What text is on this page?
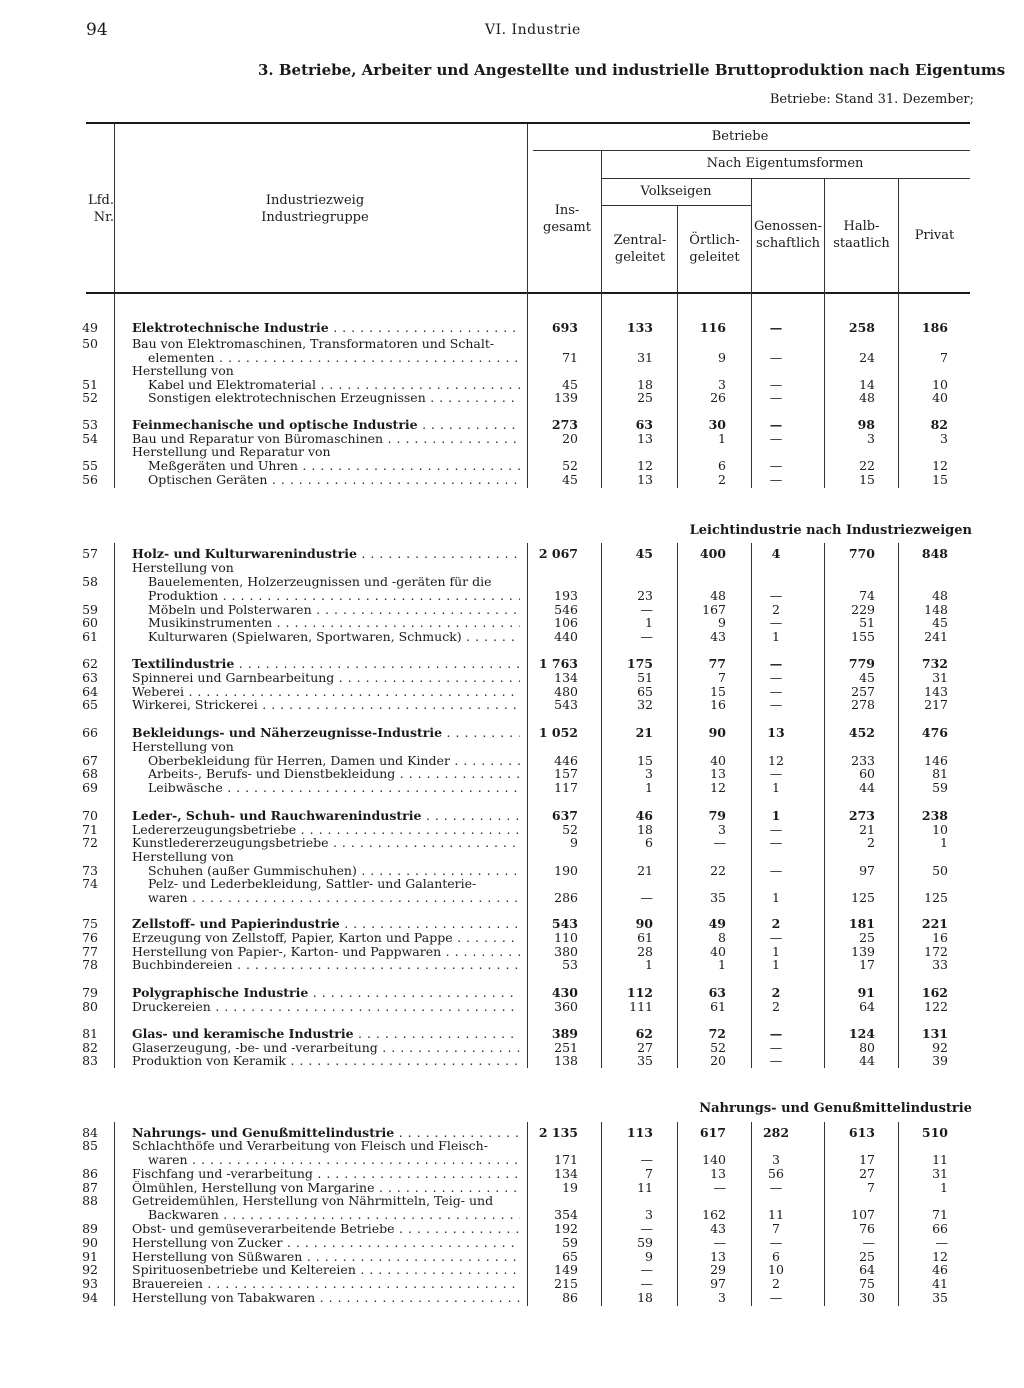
94	VI. Industrie
3. Betriebe, Arbeiter und Angestellte und industrielle Bruttoproduktion nach Eigentums
Betriebe: Stand 31. Dezember;
Lfd.
Nr.
Industriezweig
Industriegruppe
Betriebe
Ins-
gesamt
Nach Eigentumsformen
Volkseigen
Zentral-
geleitet
Örtlich-
geleitet
Genossen-
schaftlich
Halb-
staatlich
Privat
Leichtindustrie nach Industriezweigen
Nahrungs- und Genußmittelindustrie
49	Elektrotechnische Industrie . . .	693	133	116	—	258	186
50	Bau von Elektromaschinen, Transformatoren und Schalt-
elementen . . .	71	31	9	—	24	7
Herstellung von
51	Kabel und Elektromaterial . . .	45	18	3	—	14	10
52	Sonstigen elektrotechnischen Erzeugnissen . . .	139	25	26	—	48	40
53	Feinmechanische und optische Industrie . . .	273	63	30	—	98	82
54	Bau und Reparatur von Büromaschinen . . .	20	13	1	—	3	3
Herstellung und Reparatur von
55	Meßgeräten und Uhren . . .	52	12	6	—	22	12
56	Optischen Geräten . . .	45	13	2	—	15	15
57	Holz- und Kulturwarenindustrie . . .	2 067	45	400	4	770	848
Herstellung von
58	Bauelementen, Holzerzeugnissen und -geräten für die
Produktion . . .	193	23	48	—	74	48
59	Möbeln und Polsterwaren . . .	546	—	167	2	229	148
60	Musikinstrumenten . . .	106	1	9	—	51	45
61	Kulturwaren (Spielwaren, Sportwaren, Schmuck) . . .	440	—	43	1	155	241
62	Textilindustrie . . .	1 763	175	77	—	779	732
63	Spinnerei und Garnbearbeitung . . .	134	51	7	—	45	31
64	Weberei . . .	480	65	15	—	257	143
65	Wirkerei, Strickerei . . .	543	32	16	—	278	217
66	Bekleidungs- und Näherzeugnisse-Industrie . . .	1 052	21	90	13	452	476
Herstellung von
67	Oberbekleidung für Herren, Damen und Kinder . . .	446	15	40	12	233	146
68	Arbeits-, Berufs- und Dienstbekleidung . . .	157	3	13	—	60	81
69	Leibwäsche . . .	117	1	12	1	44	59
70	Leder-, Schuh- und Rauchwarenindustrie . . .	637	46	79	1	273	238
71	Ledererzeugungsbetriebe . . .	52	18	3	—	21	10
72	Kunstledererzeugungsbetriebe . . .	9	6	—	—	2	1
Herstellung von
73	Schuhen (außer Gummischuhen) . . .	190	21	22	—	97	50
74	Pelz- und Lederbekleidung, Sattler- und Galanterie-
waren . . .	286	—	35	1	125	125
75	Zellstoff- und Papierindustrie . . .	543	90	49	2	181	221
76	Erzeugung von Zellstoff, Papier, Karton und Pappe . . .	110	61	8	—	25	16
77	Herstellung von Papier-, Karton- und Pappwaren . . .	380	28	40	1	139	172
78	Buchbindereien . . .	53	1	1	1	17	33
79	Polygraphische Industrie . . .	430	112	63	2	91	162
80	Druckereien . . .	360	111	61	2	64	122
81	Glas- und keramische Industrie . . .	389	62	72	—	124	131
82	Glaserzeugung, -be- und -verarbeitung . . .	251	27	52	—	80	92
83	Produktion von Keramik . . .	138	35	20	—	44	39
84	Nahrungs- und Genußmittelindustrie . . .	2 135	113	617	282	613	510
85	Schlachthöfe und Verarbeitung von Fleisch und Fleisch-
waren . . .	171	—	140	3	17	11
86	Fischfang und -verarbeitung . . .	134	7	13	56	27	31
87	Ölmühlen, Herstellung von Margarine . . .	19	11	—	—	7	1
88	Getreidemühlen, Herstellung von Nährmitteln, Teig- und
Backwaren . . .	354	3	162	11	107	71
89	Obst- und gemüseverarbeitende Betriebe . . .	192	—	43	7	76	66
90	Herstellung von Zucker . . .	59	59	—	—	—	—
91	Herstellung von Süßwaren . . .	65	9	13	6	25	12
92	Spirituosenbetriebe und Keltereien . . .	149	—	29	10	64	46
93	Brauereien . . .	215	—	97	2	75	41
94	Herstellung von Tabakwaren . . .	86	18	3	—	30	35
